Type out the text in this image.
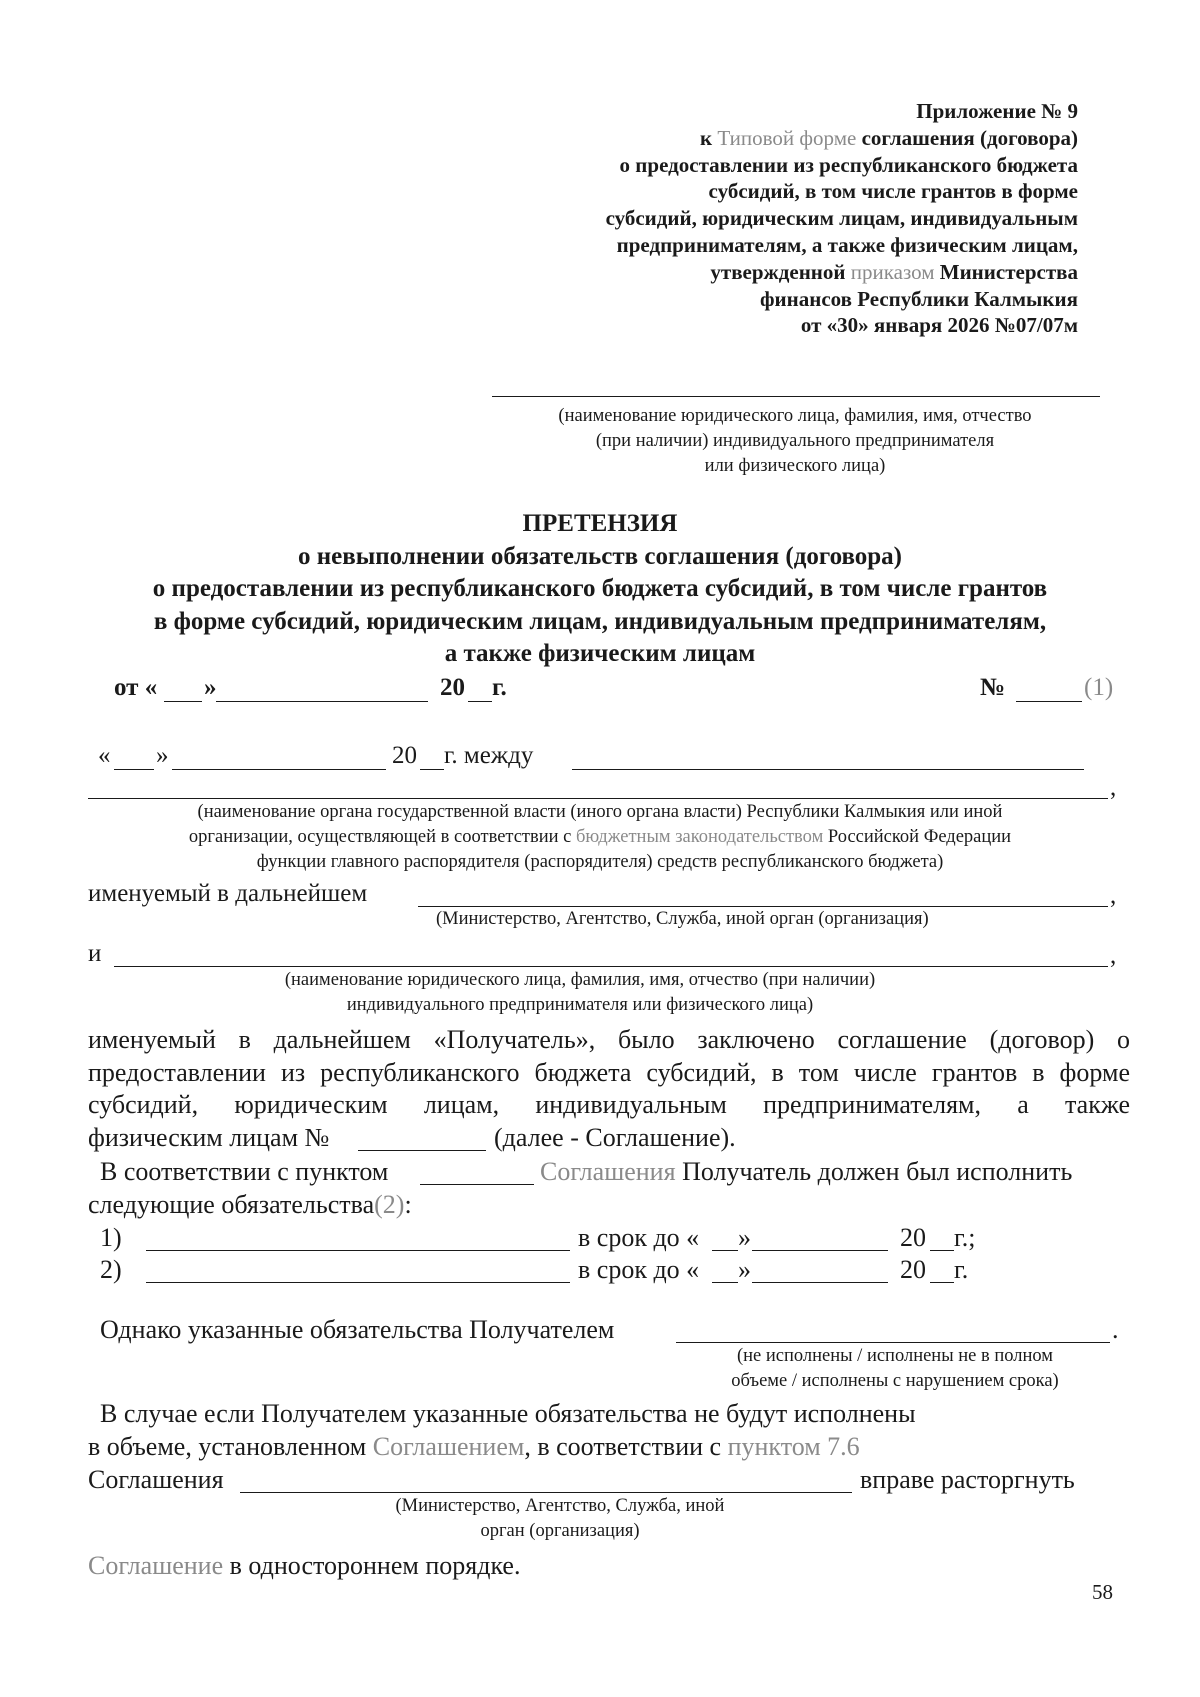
Приложение № 9
к Типовой форме соглашения (договора)
о предоставлении из республиканского бюджета
субсидий, в том числе грантов в форме
субсидий, юридическим лицам, индивидуальным
предпринимателям, а также физическим лицам,
утвержденной приказом Министерства
финансов Республики Калмыкия
от «30» января 2026 №07/07м
(наименование юридического лица, фамилия, имя, отчество
(при наличии) индивидуального предпринимателя
или физического лица)
ПРЕТЕНЗИЯ
о невыполнении обязательств соглашения (договора)
о предоставлении из республиканского бюджета субсидий, в том числе грантов
в форме субсидий, юридическим лицам, индивидуальным предпринимателям,
а также физическим лицам
от « »	20 г.	№	(1)
« »	20 г. между
,
(наименование органа государственной власти (иного органа власти) Республики Калмыкия или иной
организации, осуществляющей в соответствии с бюджетным законодательством Российской Федерации
функции главного распорядителя (распорядителя) средств республиканского бюджета)
именуемый в дальнейшем	,
(Министерство, Агентство, Служба, иной орган (организация)
и	,
(наименование юридического лица, фамилия, имя, отчество (при наличии)
индивидуального предпринимателя или физического лица)
именуемый в дальнейшем «Получатель», было заключено соглашение (договор) о
предоставлении из республиканского бюджета субсидий, в том числе грантов в форме
субсидий, юридическим лицам, индивидуальным предпринимателям, а также
физическим лицам №	(далее - Соглашение).
В соответствии с пунктом	Соглашения Получатель должен был исполнить
следующие обязательства(2):
1)	в срок до « »	20 г.;
2)	в срок до « »	20 г.
Однако указанные обязательства Получателем	.
(не исполнены / исполнены не в полном
объеме / исполнены с нарушением срока)
В случае если Получателем указанные обязательства не будут исполнены
в объеме, установленном Соглашением, в соответствии с пунктом 7.6
Соглашения	вправе расторгнуть
(Министерство, Агентство, Служба, иной
орган (организация)
Соглашение в одностороннем порядке.
58
